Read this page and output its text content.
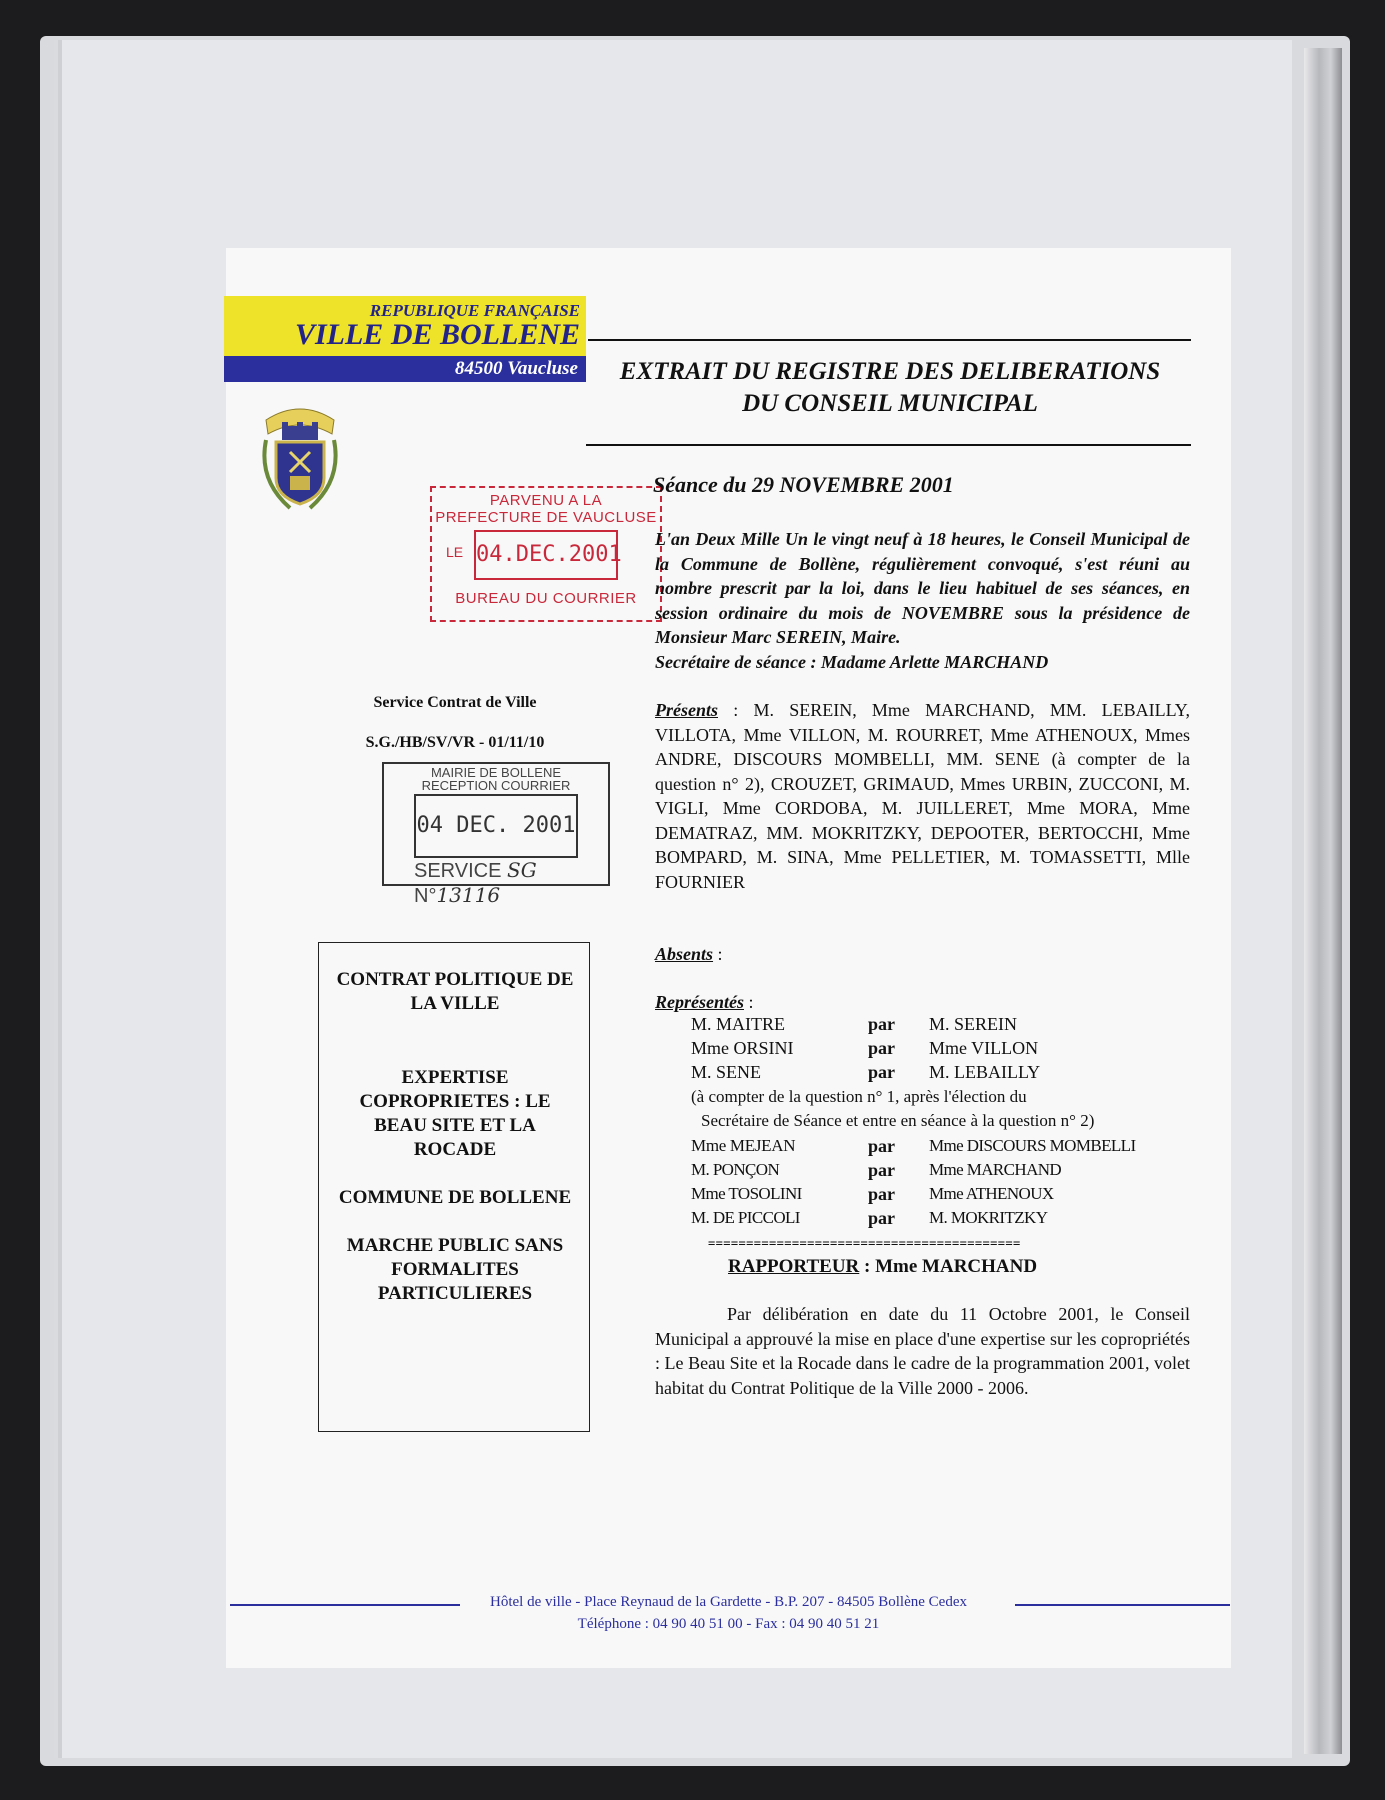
REPUBLIQUE FRANÇAISE
VILLE DE BOLLENE
84500 Vaucluse	EXTRAIT DU REGISTRE DES DELIBERATIONS
DU CONSEIL MUNICIPAL
PARVENU A LA
PREFECTURE DE VAUCLUSE
LE 04.DEC.2001
BUREAU DU COURRIER
Service Contrat de Ville
S.G./HB/SV/VR - 01/11/10
MAIRIE DE BOLLENE
RECEPTION COURRIER
04 DEC. 2001
SERVICE SG N°13116
CONTRAT POLITIQUE DE
LA VILLE
EXPERTISE
COPROPRIETES : LE
BEAU SITE ET LA
ROCADE
COMMUNE DE BOLLENE
MARCHE PUBLIC SANS
FORMALITES
PARTICULIERES
Séance du 29 NOVEMBRE 2001
L'an Deux Mille Un le vingt neuf à 18 heures, le Conseil Municipal de la Commune de Bollène, régulièrement convoqué, s'est réuni au nombre prescrit par la loi, dans le lieu habituel de ses séances, en session ordinaire du mois de NOVEMBRE sous la présidence de Monsieur Marc SEREIN, Maire.
Secrétaire de séance : Madame Arlette MARCHAND
Présents : M. SEREIN, Mme MARCHAND, MM. LEBAILLY, VILLOTA, Mme VILLON, M. ROURRET, Mme ATHENOUX, Mmes ANDRE, DISCOURS MOMBELLI, MM. SENE (à compter de la question n° 2), CROUZET, GRIMAUD, Mmes URBIN, ZUCCONI, M. VIGLI, Mme CORDOBA, M. JUILLERET, Mme MORA, Mme DEMATRAZ, MM. MOKRITZKY, DEPOOTER, BERTOCCHI, Mme BOMPARD, M. SINA, Mme PELLETIER, M. TOMASSETTI, Mlle FOURNIER
Absents :
Représentés :
M. MAITRE	par M. SEREIN
Mme ORSINI	par Mme VILLON
M. SENE	par M. LEBAILLY
(à compter de la question n° 1, après l'élection du
Secrétaire de Séance et entre en séance à la question n° 2)
Mme MEJEAN	par Mme DISCOURS MOMBELLI
M. PONÇON	par Mme MARCHAND
Mme TOSOLINI	par Mme ATHENOUX
M. DE PICCOLI	par M. MOKRITZKY
=========================================
RAPPORTEUR : Mme MARCHAND
Par délibération en date du 11 Octobre 2001, le Conseil Municipal a approuvé la mise en place d'une expertise sur les copropriétés : Le Beau Site et la Rocade dans le cadre de la programmation 2001, volet habitat du Contrat Politique de la Ville 2000 - 2006.
Hôtel de ville - Place Reynaud de la Gardette - B.P. 207 - 84505 Bollène Cedex
Téléphone : 04 90 40 51 00 - Fax : 04 90 40 51 21
